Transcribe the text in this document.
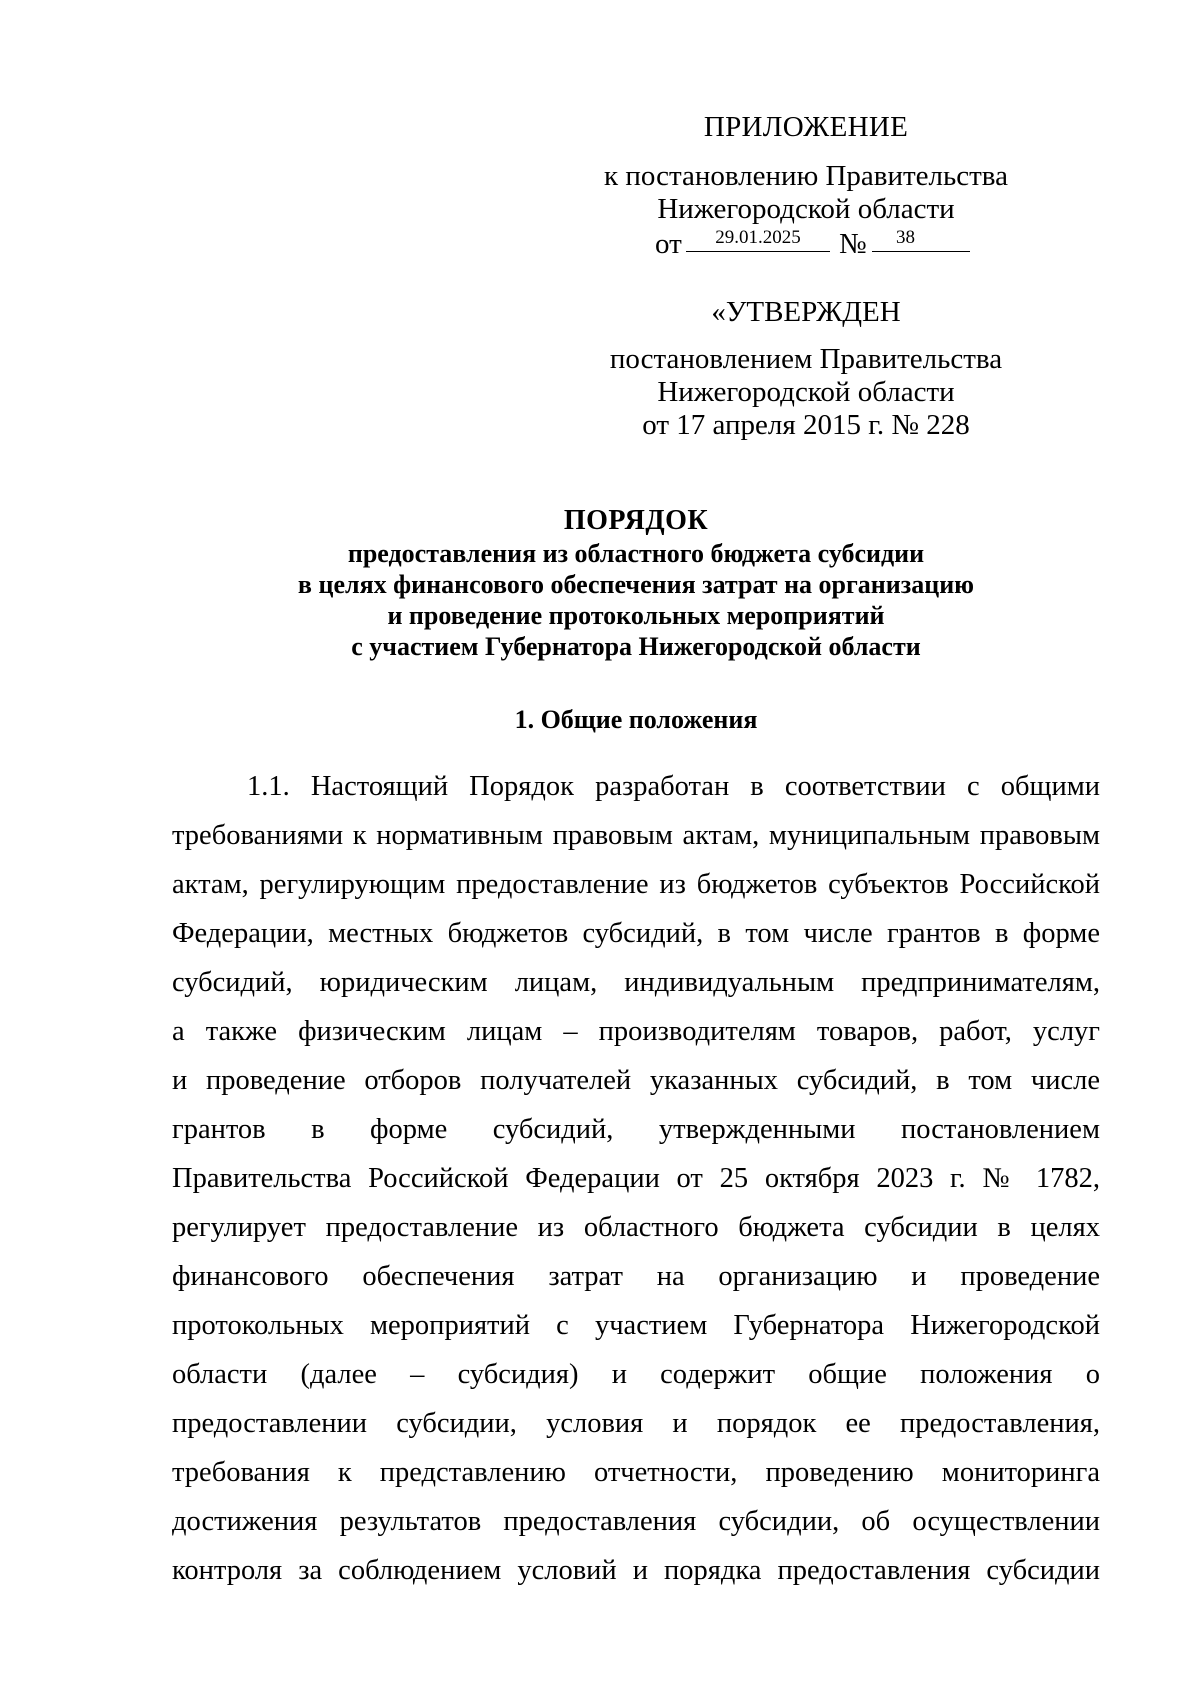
ПРИЛОЖЕНИЕ
к постановлению Правительства
Нижегородской области
от	29.01.2025	№	38
«УТВЕРЖДЕН
постановлением Правительства
Нижегородской области
от 17 апреля 2015 г. № 228
ПОРЯДОК
предоставления из областного бюджета субсидии
в целях финансового обеспечения затрат на организацию
и проведение протокольных мероприятий
с участием Губернатора Нижегородской области
1. Общие положения
1.1. Настоящий Порядок разработан в соответствии с общими
требованиями к нормативным правовым актам, муниципальным правовым
актам, регулирующим предоставление из бюджетов субъектов Российской
Федерации, местных бюджетов субсидий, в том числе грантов в форме
субсидий, юридическим лицам, индивидуальным предпринимателям,
а также физическим лицам – производителям товаров, работ, услуг
и проведение отборов получателей указанных субсидий, в том числе
грантов в форме субсидий, утвержденными постановлением
Правительства Российской Федерации от 25 октября 2023 г. № 1782,
регулирует предоставление из областного бюджета субсидии в целях
финансового обеспечения затрат на организацию и проведение
протокольных мероприятий с участием Губернатора Нижегородской
области (далее – субсидия) и содержит общие положения о
предоставлении субсидии, условия и порядок ее предоставления,
требования к представлению отчетности, проведению мониторинга
достижения результатов предоставления субсидии, об осуществлении
контроля за соблюдением условий и порядка предоставления субсидии
